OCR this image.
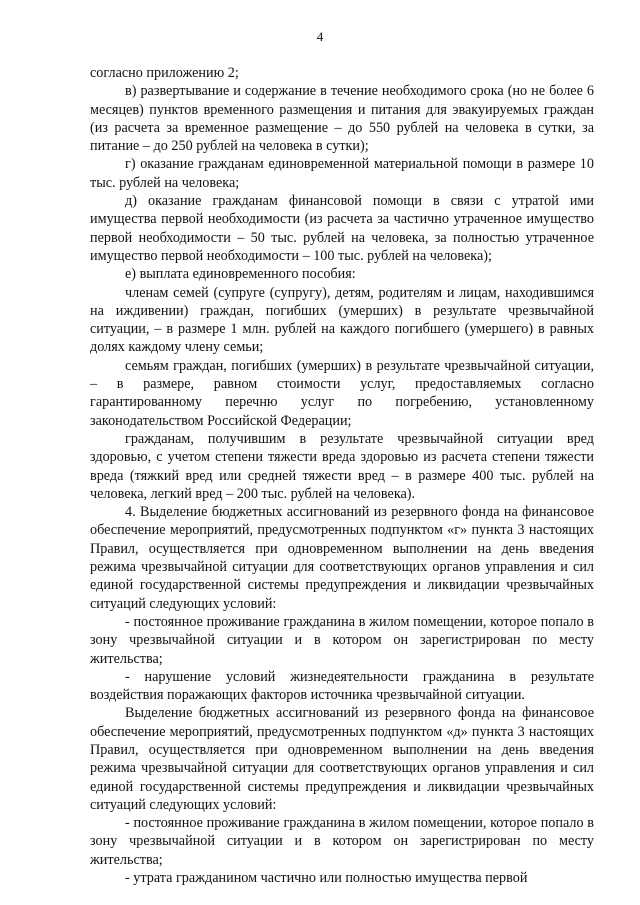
4

согласно приложению 2;

в) развертывание и содержание в течение необходимого срока (но не более 6 месяцев) пунктов временного размещения и питания для эвакуируемых граждан (из расчета за временное размещение – до 550 рублей на человека в сутки, за питание – до 250 рублей на человека в сутки);

г) оказание гражданам единовременной материальной помощи в размере 10 тыс. рублей на человека;

д) оказание гражданам финансовой помощи в связи с утратой ими имущества первой необходимости (из расчета за частично утраченное имущество первой необходимости – 50 тыс. рублей на человека, за полностью утраченное имущество первой необходимости – 100 тыс. рублей на человека);

е) выплата единовременного пособия:

членам семей (супруге (супругу), детям, родителям и лицам, находившимся на иждивении) граждан, погибших (умерших) в результате чрезвычайной ситуации, – в размере 1 млн. рублей на каждого погибшего (умершего) в равных долях каждому члену семьи;

семьям граждан, погибших (умерших) в результате чрезвычайной ситуации, – в размере, равном стоимости услуг, предоставляемых согласно гарантированному перечню услуг по погребению, установленному законодательством Российской Федерации;

гражданам, получившим в результате чрезвычайной ситуации вред здоровью, с учетом степени тяжести вреда здоровью из расчета степени тяжести вреда (тяжкий вред или средней тяжести вред – в размере 400 тыс. рублей на человека, легкий вред – 200 тыс. рублей на человека).

4. Выделение бюджетных ассигнований из резервного фонда на финансовое обеспечение мероприятий, предусмотренных подпунктом «г» пункта 3 настоящих Правил, осуществляется при одновременном выполнении на день введения режима чрезвычайной ситуации для соответствующих органов управления и сил единой государственной системы предупреждения и ликвидации чрезвычайных ситуаций следующих условий:

- постоянное проживание гражданина в жилом помещении, которое попало в зону чрезвычайной ситуации и в котором он зарегистрирован по месту жительства;

- нарушение условий жизнедеятельности гражданина в результате воздействия поражающих факторов источника чрезвычайной ситуации.

Выделение бюджетных ассигнований из резервного фонда на финансовое обеспечение мероприятий, предусмотренных подпунктом «д» пункта 3 настоящих Правил, осуществляется при одновременном выполнении на день введения режима чрезвычайной ситуации для соответствующих органов управления и сил единой государственной системы предупреждения и ликвидации чрезвычайных ситуаций следующих условий:

- постоянное проживание гражданина в жилом помещении, которое попало в зону чрезвычайной ситуации и в котором он зарегистрирован по месту жительства;

- утрата гражданином частично или полностью имущества первой
